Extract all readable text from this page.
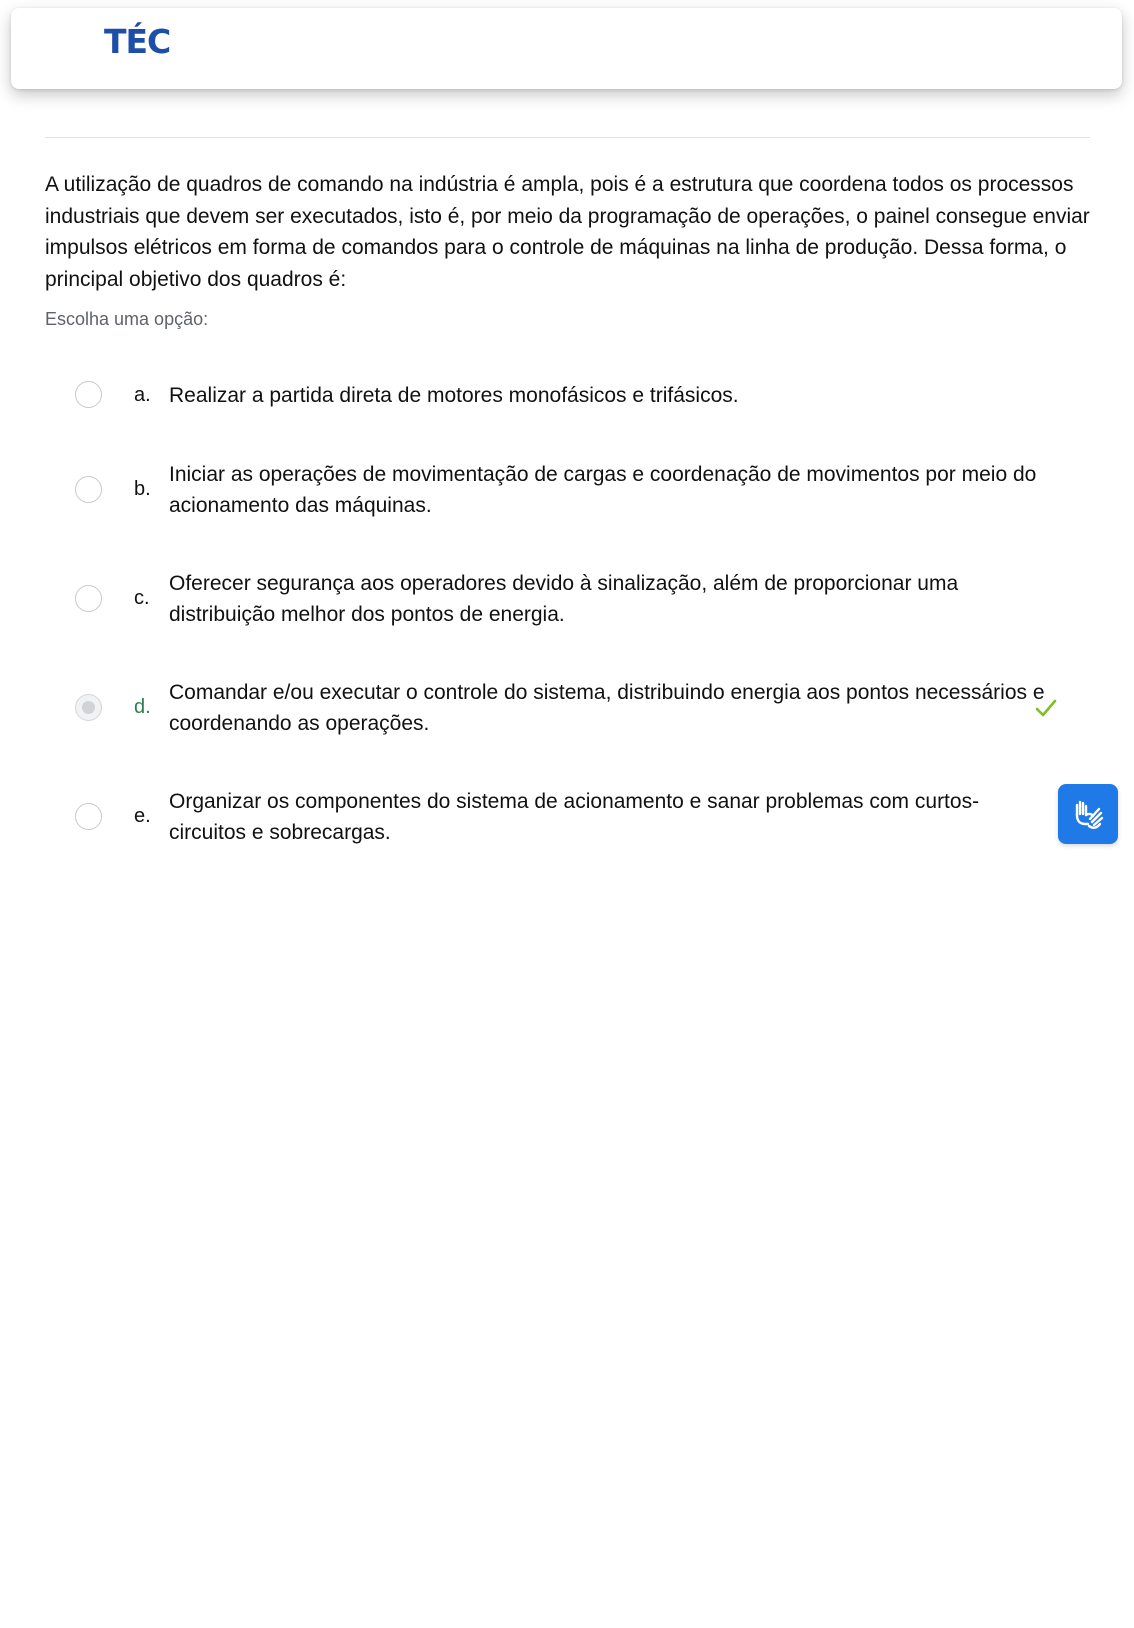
TÉC

A utilização de quadros de comando na indústria é ampla, pois é a estrutura que coordena todos os processos industriais que devem ser executados, isto é, por meio da programação de operações, o painel consegue enviar impulsos elétricos em forma de comandos para o controle de máquinas na linha de produção. Dessa forma, o principal objetivo dos quadros é:

Escolha uma opção:

a. Realizar a partida direta de motores monofásicos e trifásicos.
b.
Iniciar as operações de movimentação de cargas e coordenação de movimentos por meio do acionamento das máquinas.
c.
Oferecer segurança aos operadores devido à sinalização, além de proporcionar uma distribuição melhor dos pontos de energia.
d.
Comandar e/ou executar o controle do sistema, distribuindo energia aos pontos necessários e coordenando as operações.
e.
Organizar os componentes do sistema de acionamento e sanar problemas com curtos-circuitos e sobrecargas.
